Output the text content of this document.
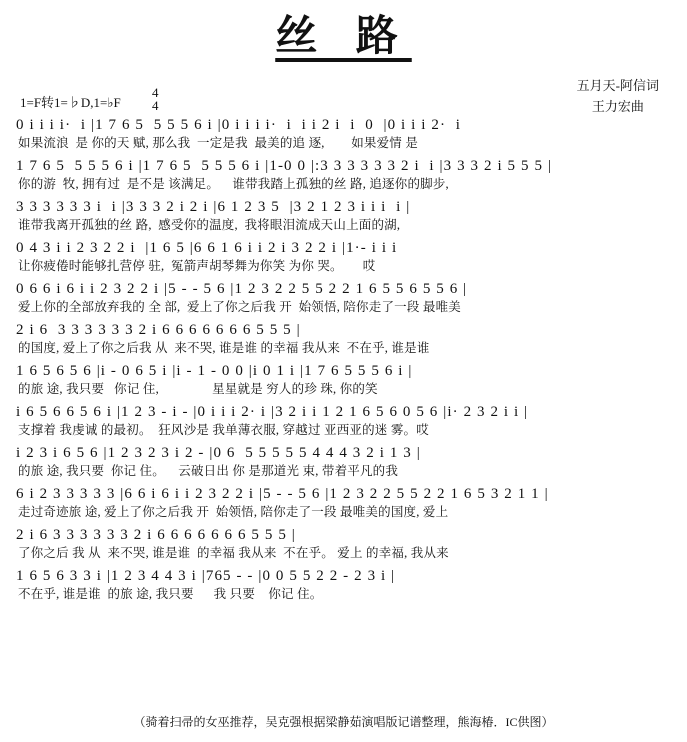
丝 路
五月天-阿信词
王力宏曲
1=F转1=♭D,1=♭F
4
4
0 i i i i·  i |1 7 6 5  5 5 5 6 i |0 i i i i·  i  i i 2 i  i  0  |0 i i i 2·  i
如果流浪  是 你的天 赋, 那么我  一定是我  最美的追 逐,        如果爱情 是
1 7 6 5  5 5 5 6 i |1 7 6 5  5 5 5 6 i |1-0 0 |:3 3 3 3 3 3 2 i  i |3 3 3 2 i 5 5 5 |
你的游  牧, 拥有过  是不是 该满足。    谁带我踏上孤独的丝 路, 追逐你的脚步,
3 3 3 3 3 3 i  i |3 3 3 2 i 2 i |6 1 2 3 5  |3 2 1 2 3 i i i  i |
谁带我离开孤独的丝 路,  感受你的温度,  我将眼泪流成天山上面的湖,
0 4 3 i i 2 3 2 2 i  |1 6 5 |6 6 1 6 i i 2 i 3 2 2 i |1·- i i i
让你疲倦时能够扎营停 驻,  冤箭声胡琴舞为你笑 为你 哭。      哎
0 6 6 i 6 i i 2 3 2 2 i |5 - - 5 6 |1 2 3 2 2 5 5 2 2 1 6 5 5 6 5 5 6 |
爱上你的全部放弃我的 全 部,  爱上了你之后我 开  始领悟, 陪你走了一段 最唯美
2 i 6  3 3 3 3 3 3 2 i 6 6 6 6 6 6 6 5 5 5 |
的国度, 爱上了你之后我 从  来不哭, 谁是谁 的幸福 我从来  不在乎, 谁是谁
1 6 5 6 5 6 |i - 0 6 5 i |i - 1 - 0 0 |i 0 1 i |1 7 6 5 5 5 6 i |
的旅 途, 我只要   你记 住,                星星就是 穷人的珍 珠, 你的笑
i 6 5 6 6 5 6 i |1 2 3 - i - |0 i i i 2· i |3 2 i i 1 2 1 6 5 6 0 5 6 |i· 2 3 2 i i |
支撑着 我虔诚 的最初。  狂风沙是 我单薄衣服, 穿越过 亚西亚的迷 雾。哎
i 2 3 i 6 5 6 |1 2 3 2 3 i 2 - |0 6  5 5 5 5 5 4 4 4 3 2 i 1 3 |
的旅 途, 我只要  你记 住。    云破日出 你 是那道光 束, 带着平凡的我
6 i 2 3 3 3 3 3 |6 6 i 6 i i 2 3 2 2 i |5 - - 5 6 |1 2 3 2 2 5 5 2 2 1 6 5 3 2 1 1 |
走过奇迹旅 途, 爱上了你之后我 开  始领悟, 陪你走了一段 最唯美的国度, 爱上
2 i 6 3 3 3 3 3 3 2 i 6 6 6 6 6 6 6 5 5 5 |
了你之后 我 从  来不哭, 谁是谁  的幸福 我从来  不在乎。 爱上 的幸福, 我从来
1 6 5 6 3 3 i |1 2 3 4 4 3 i |765 - - |0 0 5 5 2 2 - 2 3 i |
不在乎, 谁是谁  的旅 途, 我只要      我 只要    你记 住。
（骑着扫帚的女巫推荐，吴克强根据梁静茹演唱版记谱整理，熊海椿．IC供图）
